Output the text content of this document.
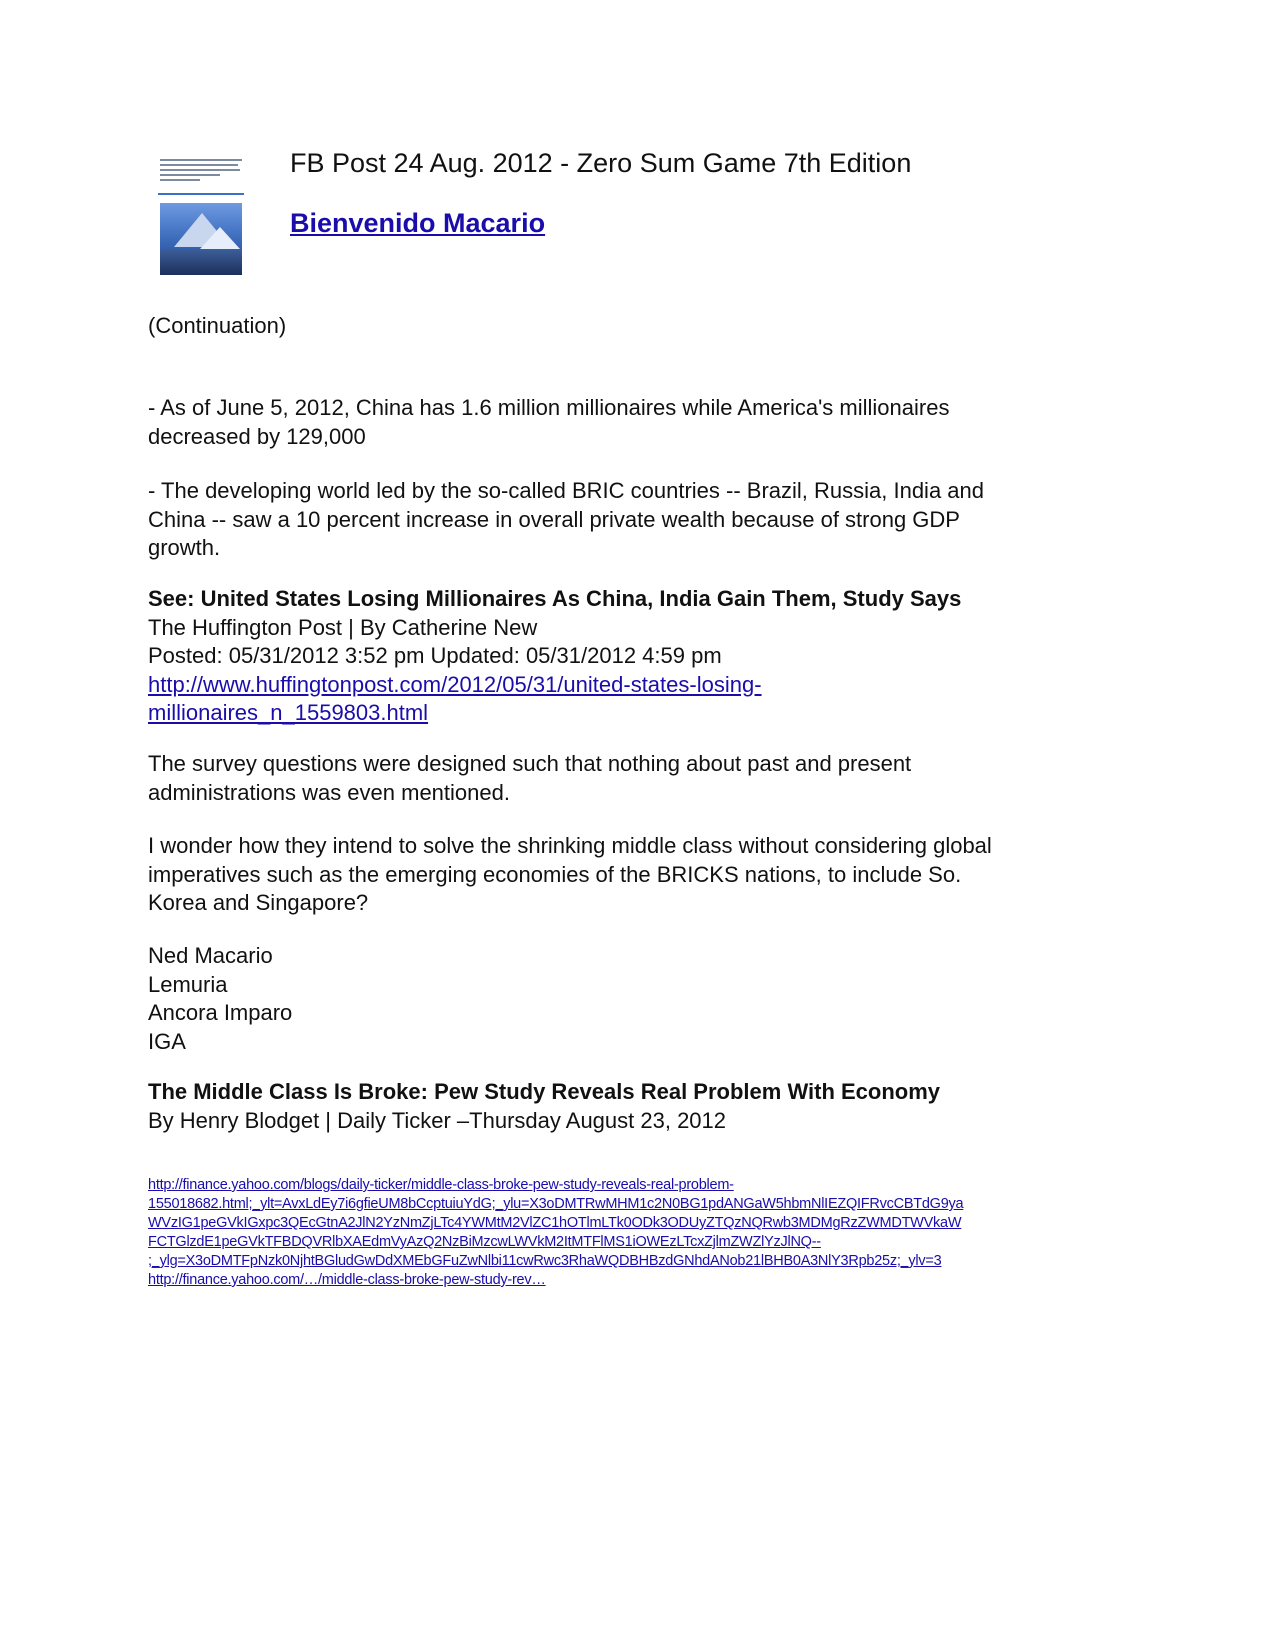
FB Post 24 Aug. 2012 - Zero Sum Game 7th Edition
Bienvenido Macario
(Continuation)
- As of June 5, 2012, China has 1.6 million millionaires while America's millionaires
decreased by 129,000
- The developing world led by the so-called BRIC countries -- Brazil, Russia, India and
China -- saw a 10 percent increase in overall private wealth because of strong GDP
growth.
See: United States Losing Millionaires As China, India Gain Them, Study Says
The Huffington Post | By Catherine New
Posted: 05/31/2012 3:52 pm Updated: 05/31/2012 4:59 pm
http://www.huffingtonpost.com/2012/05/31/united-states-losing-
millionaires_n_1559803.html
The survey questions were designed such that nothing about past and present
administrations was even mentioned.
I wonder how they intend to solve the shrinking middle class without considering global
imperatives such as the emerging economies of the BRICKS nations, to include So.
Korea and Singapore?
Ned Macario
Lemuria
Ancora Imparo
IGA
The Middle Class Is Broke: Pew Study Reveals Real Problem With Economy
By Henry Blodget | Daily Ticker –Thursday August 23, 2012
http://finance.yahoo.com/blogs/daily-ticker/middle-class-broke-pew-study-reveals-real-problem-
155018682.html;_ylt=AvxLdEy7i6gfieUM8bCcptuiuYdG;_ylu=X3oDMTRwMHM1c2N0BG1pdANGaW5hbmNlIEZQIFRvcCBTdG9ya
WVzIG1peGVkIGxpc3QEcGtnA2JlN2YzNmZjLTc4YWMtM2VlZC1hOTlmLTk0ODk3ODUyZTQzNQRwb3MDMgRzZWMDTWVkaW
FCTGlzdE1peGVkTFBDQVRlbXAEdmVyAzQ2NzBiMzcwLWVkM2ItMTFlMS1iOWEzLTcxZjlmZWZlYzJlNQ--
;_ylg=X3oDMTFpNzk0NjhtBGludGwDdXMEbGFuZwNlbi11cwRwc3RhaWQDBHBzdGNhdANob21lBHB0A3NlY3Rpb25z;_ylv=3
http://finance.yahoo.com/…/middle-class-broke-pew-study-rev…
